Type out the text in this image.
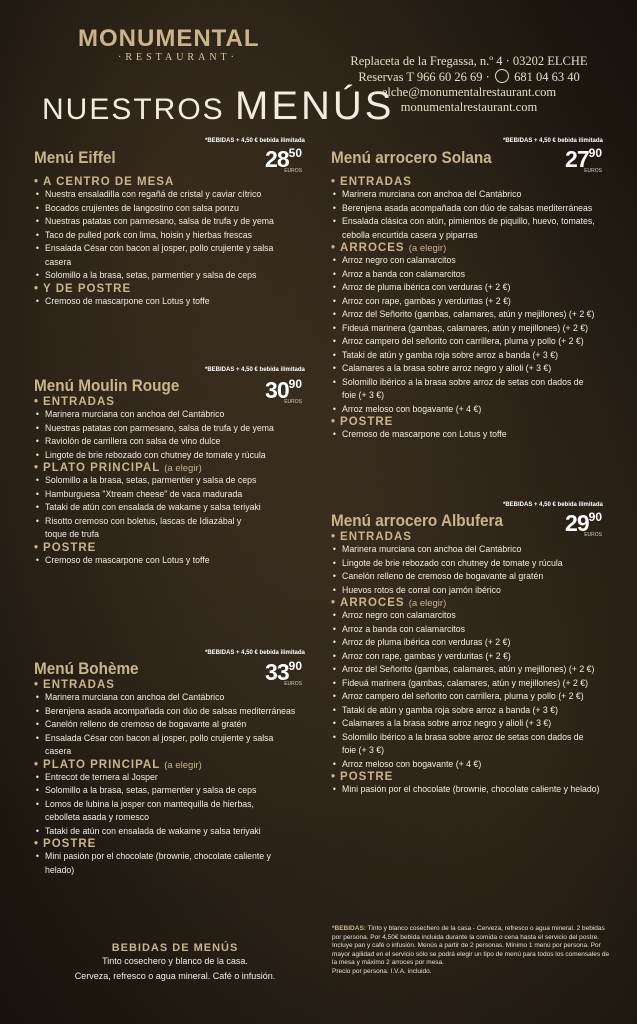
MONUMENTAL
·RESTAURANT·
NUESTROS MENÚS
Replaceta de la Fregassa, n.º 4 · 03202 ELCHE
Reservas T 966 60 26 69 ·  681 04 63 40
elche@monumentalrestaurant.com
monumentalrestaurant.com
*BEBIDAS + 4,50 € bebida ilimitada
$28^{50}$
EUROS
Menú Eiffel
• A CENTRO DE MESA
• Nuestra ensaladilla con regañá de cristal y caviar cítrico
• Bocados crujientes de langostino con salsa ponzu
• Nuestras patatas con parmesano, salsa de trufa y de yema
• Taco de pulled pork con lima, hoisin y hierbas frescas
• Ensalada César con bacon al josper, pollo crujiente y salsa casera
• Solomillo a la brasa, setas, parmentier y salsa de ceps
• Y DE POSTRE
• Cremoso de mascarpone con Lotus y toffe
*BEBIDAS + 4,50 € bebida ilimitada
$30^{90}$
EUROS
Menú Moulin Rouge
• ENTRADAS
• Marinera murciana con anchoa del Cantábrico
• Nuestras patatas con parmesano, salsa de trufa y de yema
• Raviolón de carrillera con salsa de vino dulce
• Lingote de brie rebozado con chutney de tomate y rúcula
• PLATO PRINCIPAL (a elegir)
• Solomillo a la brasa, setas, parmentier y salsa de ceps
• Hamburguesa "Xtream cheese" de vaca madurada
• Tataki de atún con ensalada de wakame y salsa teriyaki
• Risotto cremoso con boletus, lascas de Idiazábal y toque de trufa
• POSTRE
• Cremoso de mascarpone con Lotus y toffe
*BEBIDAS + 4,50 € bebida ilimitada
$33^{90}$
EUROS
Menú Bohème
• ENTRADAS
• Marinera murciana con anchoa del Cantábrico
• Berenjena asada acompañada con dúo de salsas mediterráneas
• Canelón relleno de cremoso de bogavante al gratén
• Ensalada César con bacon al josper, pollo crujiente y salsa casera
• PLATO PRINCIPAL (a elegir)
• Entrecot de ternera al Josper
• Solomillo a la brasa, setas, parmentier y salsa de ceps
• Lomos de lubina la josper con mantequilla de hierbas, cebolleta asada y romesco
• Tataki de atún con ensalada de wakame y salsa teriyaki
• POSTRE
• Mini pasión por el chocolate (brownie, chocolate caliente y helado)
*BEBIDAS + 4,50 € bebida ilimitada
$27^{90}$
EUROS
Menú arrocero Solana
• ENTRADAS
• Marinera murciana con anchoa del Cantábrico
• Berenjena asada acompañada con dúo de salsas mediterráneas
• Ensalada clásica con atún, pimientos de piquillo, huevo, tomates, cebolla encurtida casera y piparras
• ARROCES (a elegir)
• Arroz negro con calamarcitos
• Arroz a banda con calamarcitos
• Arroz de pluma ibérica con verduras (+ 2 €)
• Arroz con rape, gambas y verduritas (+ 2 €)
• Arroz del Señorito (gambas, calamares, atún y mejillones) (+ 2 €)
• Fideuá marinera (gambas, calamares, atún y mejillones) (+ 2 €)
• Arroz campero del señorito con carrillera, pluma y pollo (+ 2 €)
• Tataki de atún y gamba roja sobre arroz a banda (+ 3 €)
• Calamares a la brasa sobre arroz negro y alioli (+ 3 €)
• Solomillo ibérico a la brasa sobre arroz de setas con dados de foie (+ 3 €)
• Arroz meloso con bogavante (+ 4 €)
• POSTRE
• Cremoso de mascarpone con Lotus y toffe
*BEBIDAS + 4,50 € bebida ilimitada
$29^{90}$
EUROS
Menú arrocero Albufera
• ENTRADAS
• Marinera murciana con anchoa del Cantábrico
• Lingote de brie rebozado con chutney de tomate y rúcula
• Canelón relleno de cremoso de bogavante al gratén
• Huevos rotos de corral con jamón ibérico
• ARROCES (a elegir)
• Arroz negro con calamarcitos
• Arroz a banda con calamarcitos
• Arroz de pluma ibérica con verduras (+ 2 €)
• Arroz con rape, gambas y verduritas (+ 2 €)
• Arroz del Señorito (gambas, calamares, atún y mejillones) (+ 2 €)
• Fideuá marinera (gambas, calamares, atún y mejillones) (+ 2 €)
• Arroz campero del señorito con carrillera, pluma y pollo (+ 2 €)
• Tataki de atún y gamba roja sobre arroz a banda (+ 3 €)
• Calamares a la brasa sobre arroz negro y alioli (+ 3 €)
• Solomillo ibérico a la brasa sobre arroz de setas con dados de foie (+ 3 €)
• Arroz meloso con bogavante (+ 4 €)
• POSTRE
• Mini pasión por el chocolate (brownie, chocolate caliente y helado)
BEBIDAS DE MENÚS
Tinto cosechero y blanco de la casa.
Cerveza, refresco o agua mineral. Café o infusión.
*BEBIDAS: Tinto y blanco cosechero de la casa - Cerveza, refresco o agua mineral. 2 bebidas por persona. Por 4,50€ bebida incluida durante la comida o cena hasta el servicio del postre. Incluye pan y café o infusión. Menús a partir de 2 personas. Mínimo 1 menú por persona. Por mayor agilidad en el servicio sólo se podrá elegir un tipo de menú para todos los comensales de la mesa y máximo 2 arroces por mesa.
Precio por persona. I.V.A. incluido.
